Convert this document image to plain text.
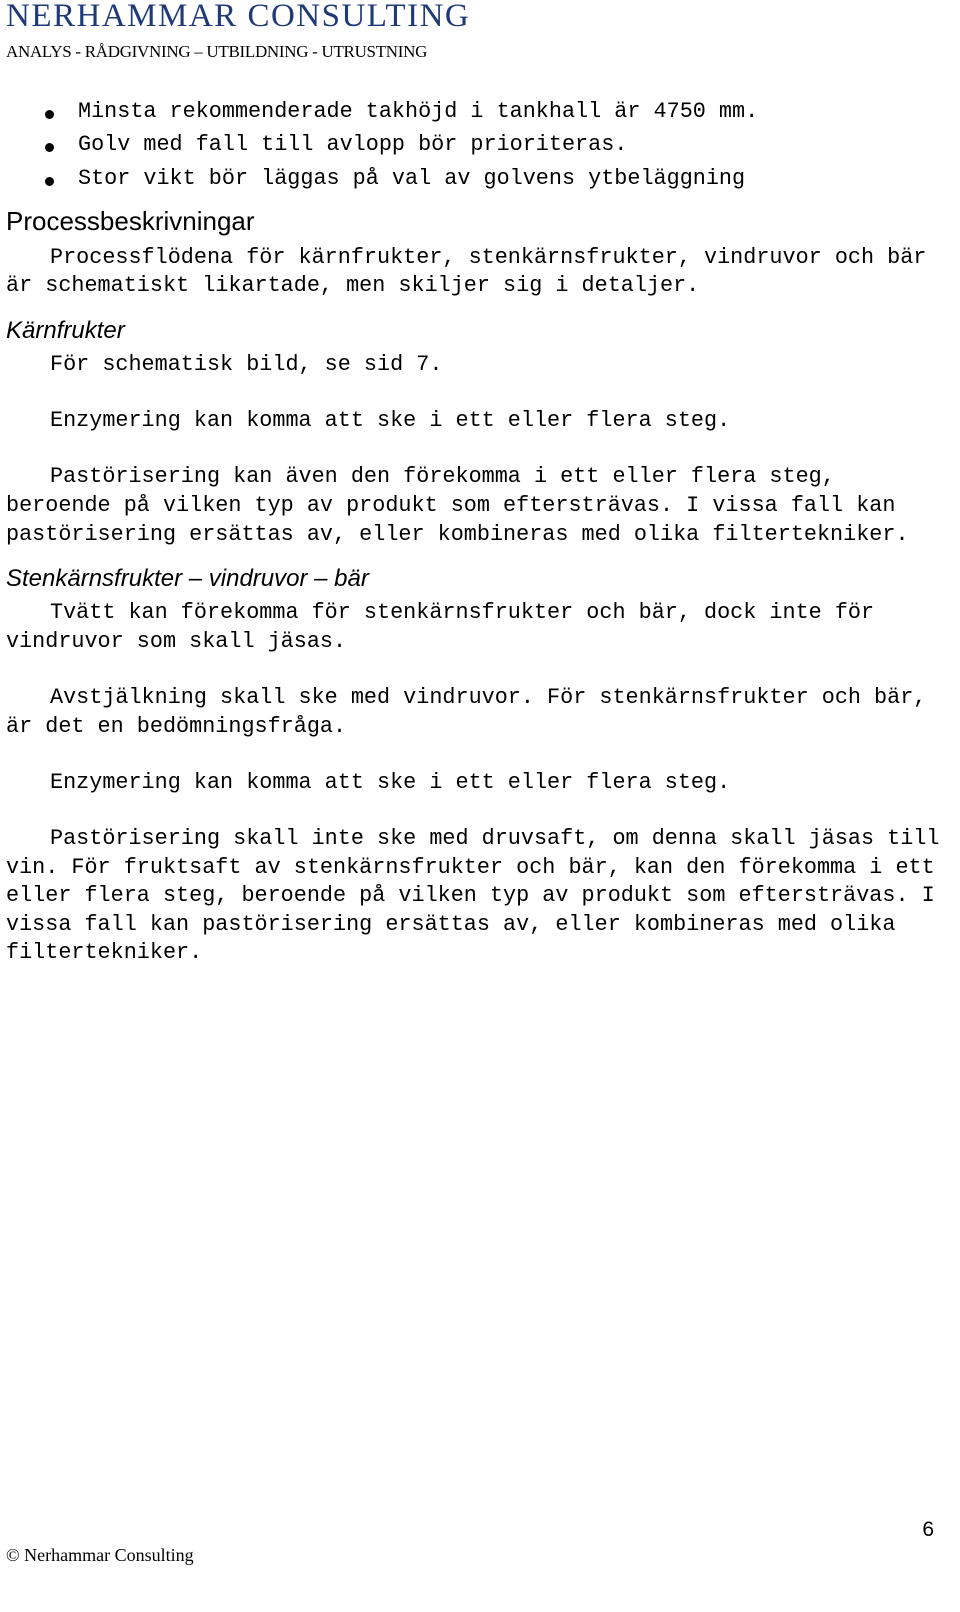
NERHAMMAR CONSULTING
ANALYS - RÅDGIVNING – UTBILDNING - UTRUSTNING
Minsta rekommenderade takhöjd i tankhall är 4750 mm.
Golv med fall till avlopp bör prioriteras.
Stor vikt bör läggas på val av golvens ytbeläggning
Processbeskrivningar

Processflödena för kärnfrukter, stenkärnsfrukter, vindruvor och bär är schematiskt likartade, men skiljer sig i detaljer.

Kärnfrukter

För schematisk bild, se sid 7.

Enzymering kan komma att ske i ett eller flera steg.

Pastörisering kan även den förekomma i ett eller flera steg, beroende på vilken typ av produkt som eftersträvas. I vissa fall kan pastörisering ersättas av, eller kombineras med olika filtertekniker.

Stenkärnsfrukter – vindruvor – bär

Tvätt kan förekomma för stenkärnsfrukter och bär, dock inte för vindruvor som skall jäsas.

Avstjälkning skall ske med vindruvor. För stenkärnsfrukter och bär, är det en bedömningsfråga.

Enzymering kan komma att ske i ett eller flera steg.

Pastörisering skall inte ske med druvsaft, om denna skall jäsas till vin. För fruktsaft av stenkärnsfrukter och bär, kan den förekomma i ett eller flera steg, beroende på vilken typ av produkt som eftersträvas. I vissa fall kan pastörisering ersättas av, eller kombineras med olika filtertekniker.

6
© Nerhammar Consulting
